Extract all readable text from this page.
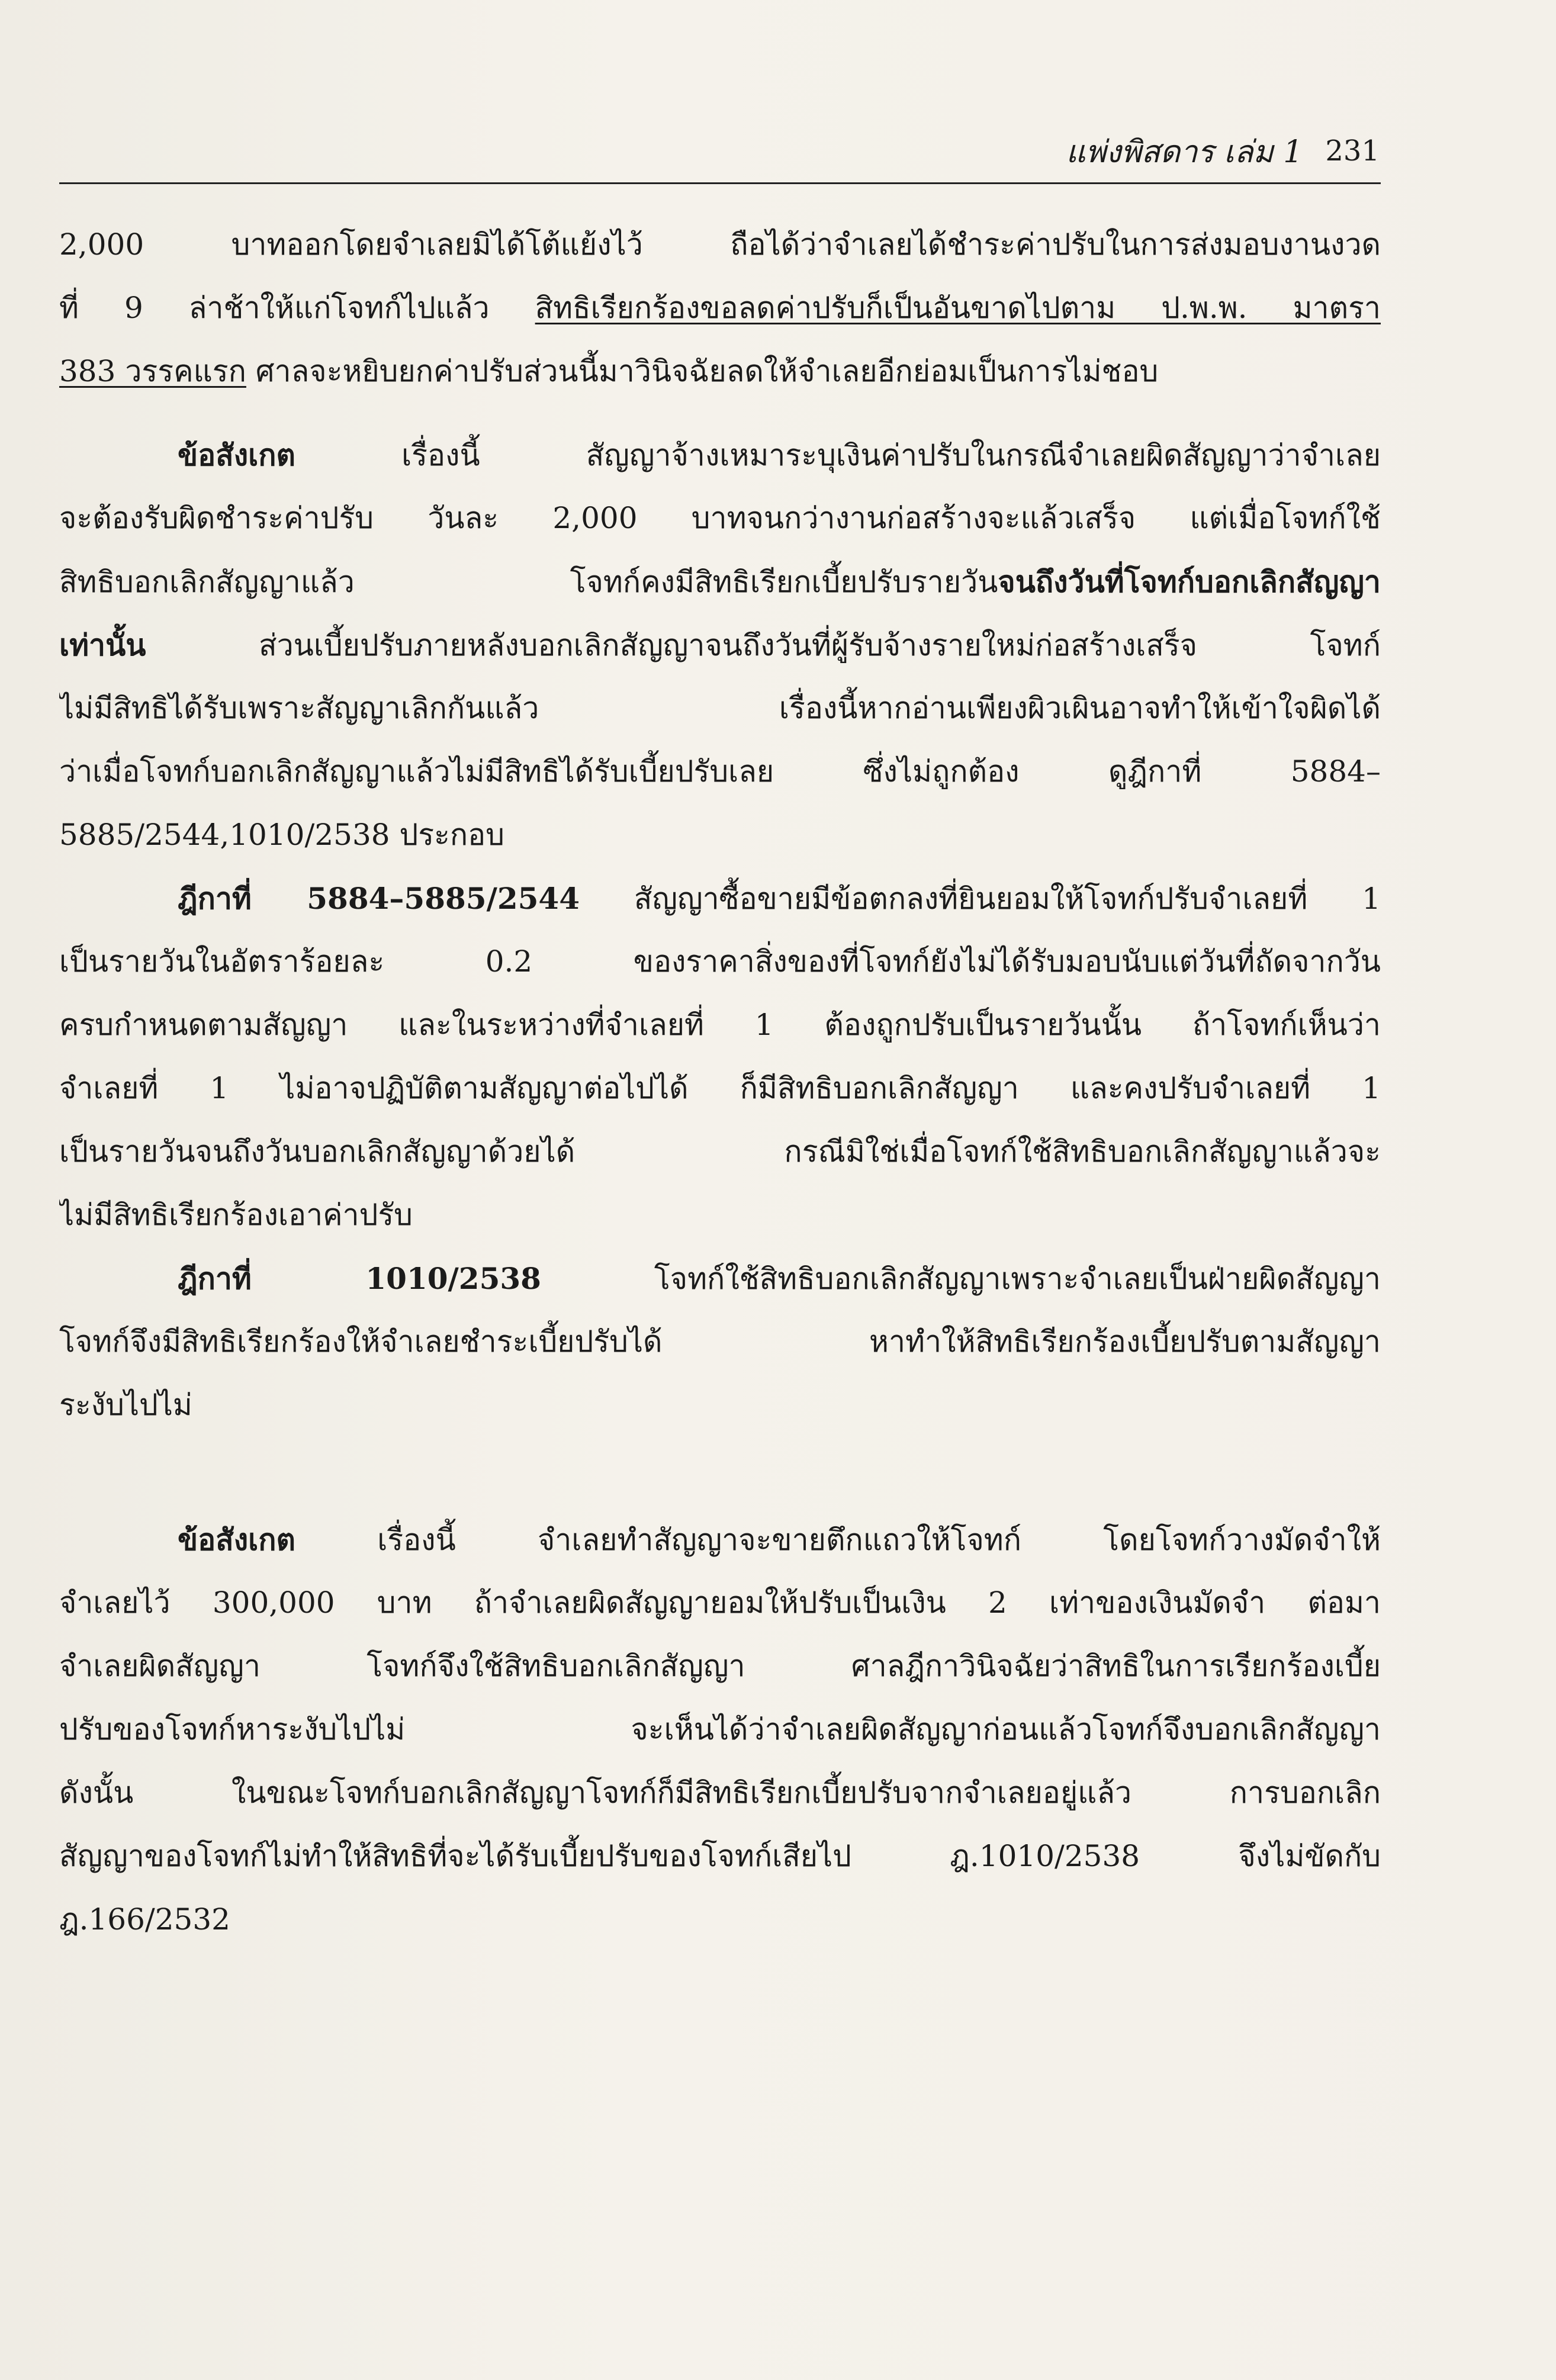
แพ่งพิสดาร เล่ม 1 231
2,000 บาทออกโดยจำเลยมิได้โต้แย้งไว้ ถือได้ว่าจำเลยได้ชำระค่าปรับในการส่งมอบงานงวด
ที่ 9 ล่าช้าให้แก่โจทก์ไปแล้ว สิทธิเรียกร้องขอลดค่าปรับก็เป็นอันขาดไปตาม ป.พ.พ. มาตรา
383 วรรคแรก ศาลจะหยิบยกค่าปรับส่วนนี้มาวินิจฉัยลดให้จำเลยอีกย่อมเป็นการไม่ชอบ
ข้อสังเกต เรื่องนี้ สัญญาจ้างเหมาระบุเงินค่าปรับในกรณีจำเลยผิดสัญญาว่าจำเลย
จะต้องรับผิดชำระค่าปรับ วันละ 2,000 บาทจนกว่างานก่อสร้างจะแล้วเสร็จ แต่เมื่อโจทก์ใช้
สิทธิบอกเลิกสัญญาแล้ว โจทก์คงมีสิทธิเรียกเบี้ยปรับรายวันจนถึงวันที่โจทก์บอกเลิกสัญญา
เท่านั้น ส่วนเบี้ยปรับภายหลังบอกเลิกสัญญาจนถึงวันที่ผู้รับจ้างรายใหม่ก่อสร้างเสร็จ โจทก์
ไม่มีสิทธิได้รับเพราะสัญญาเลิกกันแล้ว เรื่องนี้หากอ่านเพียงผิวเผินอาจทำให้เข้าใจผิดได้
ว่าเมื่อโจทก์บอกเลิกสัญญาแล้วไม่มีสิทธิได้รับเบี้ยปรับเลย ซึ่งไม่ถูกต้อง ดูฎีกาที่ 5884–
5885/2544,1010/2538 ประกอบ
ฎีกาที่ 5884–5885/2544 สัญญาซื้อขายมีข้อตกลงที่ยินยอมให้โจทก์ปรับจำเลยที่ 1
เป็นรายวันในอัตราร้อยละ 0.2 ของราคาสิ่งของที่โจทก์ยังไม่ได้รับมอบนับแต่วันที่ถัดจากวัน
ครบกำหนดตามสัญญา และในระหว่างที่จำเลยที่ 1 ต้องถูกปรับเป็นรายวันนั้น ถ้าโจทก์เห็นว่า
จำเลยที่ 1 ไม่อาจปฏิบัติตามสัญญาต่อไปได้ ก็มีสิทธิบอกเลิกสัญญา และคงปรับจำเลยที่ 1
เป็นรายวันจนถึงวันบอกเลิกสัญญาด้วยได้ กรณีมิใช่เมื่อโจทก์ใช้สิทธิบอกเลิกสัญญาแล้วจะ
ไม่มีสิทธิเรียกร้องเอาค่าปรับ
ฎีกาที่ 1010/2538 โจทก์ใช้สิทธิบอกเลิกสัญญาเพราะจำเลยเป็นฝ่ายผิดสัญญา
โจทก์จึงมีสิทธิเรียกร้องให้จำเลยชำระเบี้ยปรับได้ หาทำให้สิทธิเรียกร้องเบี้ยปรับตามสัญญา
ระงับไปไม่
ข้อสังเกต เรื่องนี้ จำเลยทำสัญญาจะขายตึกแถวให้โจทก์ โดยโจทก์วางมัดจำให้
จำเลยไว้ 300,000 บาท ถ้าจำเลยผิดสัญญายอมให้ปรับเป็นเงิน 2 เท่าของเงินมัดจำ ต่อมา
จำเลยผิดสัญญา โจทก์จึงใช้สิทธิบอกเลิกสัญญา ศาลฎีกาวินิจฉัยว่าสิทธิในการเรียกร้องเบี้ย
ปรับของโจทก์หาระงับไปไม่ จะเห็นได้ว่าจำเลยผิดสัญญาก่อนแล้วโจทก์จึงบอกเลิกสัญญา
ดังนั้น ในขณะโจทก์บอกเลิกสัญญาโจทก์ก็มีสิทธิเรียกเบี้ยปรับจากจำเลยอยู่แล้ว การบอกเลิก
สัญญาของโจทก์ไม่ทำให้สิทธิที่จะได้รับเบี้ยปรับของโจทก์เสียไป ฎ.1010/2538 จึงไม่ขัดกับ
ฎ.166/2532
